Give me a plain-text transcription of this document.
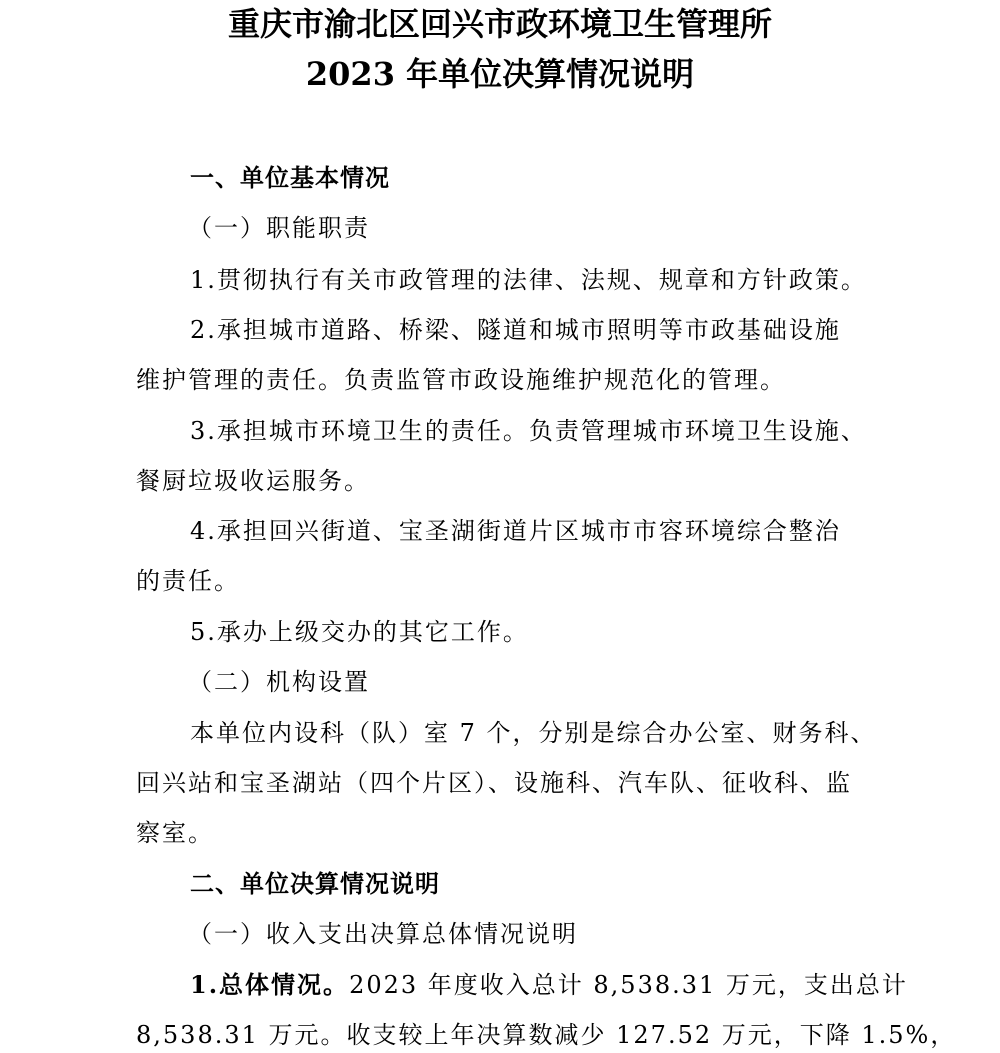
重庆市渝北区回兴市政环境卫生管理所
2023 年单位决算情况说明
一、单位基本情况
（一）职能职责
1.贯彻执行有关市政管理的法律、法规、规章和方针政策。
2.承担城市道路、桥梁、隧道和城市照明等市政基础设施
维护管理的责任。负责监管市政设施维护规范化的管理。
3.承担城市环境卫生的责任。负责管理城市环境卫生设施、
餐厨垃圾收运服务。
4.承担回兴街道、宝圣湖街道片区城市市容环境综合整治
的责任。
5.承办上级交办的其它工作。
（二）机构设置
本单位内设科（队）室 7 个，分别是综合办公室、财务科、
回兴站和宝圣湖站（四个片区）、设施科、汽车队、征收科、监
察室。
二、单位决算情况说明
（一）收入支出决算总体情况说明
1.总体情况。2023 年度收入总计 8,538.31 万元，支出总计
8,538.31 万元。收支较上年决算数减少 127.52 万元，下降 1.5%，
